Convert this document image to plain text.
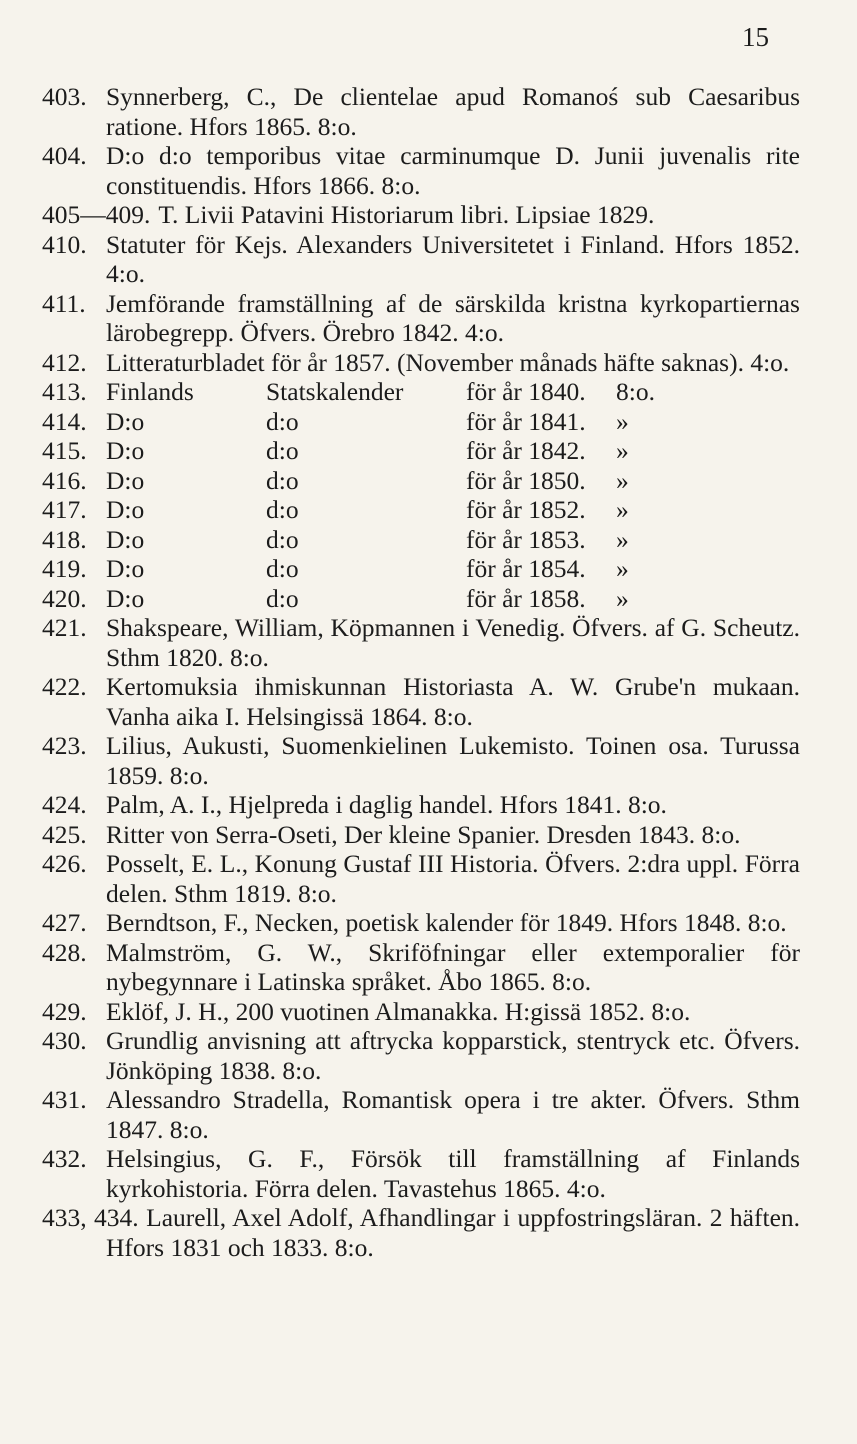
15
403. Synnerberg, C., De clientelae apud Romanoś sub Caesaribus ratione. Hfors 1865. 8:o.
404. D:o d:o temporibus vitae carminumque D. Junii juvenalis rite constituendis. Hfors 1866. 8:o.
405—409. T. Livii Patavini Historiarum libri. Lipsiae 1829.
410. Statuter för Kejs. Alexanders Universitetet i Finland. Hfors 1852. 4:o.
411. Jemförande framställning af de särskilda kristna kyrkopartiernas lärobegrepp. Öfvers. Örebro 1842. 4:o.
412. Litteraturbladet för år 1857. (November månads häfte saknas). 4:o.
413. Finlands	Statskalender	för år 1840.	8:o.
414. D:o	d:o	för år 1841.	»
415. D:o	d:o	för år 1842.	»
416. D:o	d:o	för år 1850.	»
417. D:o	d:o	för år 1852.	»
418. D:o	d:o	för år 1853.	»
419. D:o	d:o	för år 1854.	»
420. D:o	d:o	för år 1858.	»
421. Shakspeare, William, Köpmannen i Venedig. Öfvers. af G. Scheutz. Sthm 1820. 8:o.
422. Kertomuksia ihmiskunnan Historiasta A. W. Grube'n mukaan. Vanha aika I. Helsingissä 1864. 8:o.
423. Lilius, Aukusti, Suomenkielinen Lukemisto. Toinen osa. Turussa 1859. 8:o.
424. Palm, A. I., Hjelpreda i daglig handel. Hfors 1841. 8:o.
425. Ritter von Serra-Oseti, Der kleine Spanier. Dresden 1843. 8:o.
426. Posselt, E. L., Konung Gustaf III Historia. Öfvers. 2:dra uppl. Förra delen. Sthm 1819. 8:o.
427. Berndtson, F., Necken, poetisk kalender för 1849. Hfors 1848. 8:o.
428. Malmström, G. W., Skriföfningar eller extemporalier för nybegynnare i Latinska språket. Åbo 1865. 8:o.
429. Eklöf, J. H., 200 vuotinen Almanakka. H:gissä 1852. 8:o.
430. Grundlig anvisning att aftrycka kopparstick, stentryck etc. Öfvers. Jönköping 1838. 8:o.
431. Alessandro Stradella, Romantisk opera i tre akter. Öfvers. Sthm 1847. 8:o.
432. Helsingius, G. F., Försök till framställning af Finlands kyrkohistoria. Förra delen. Tavastehus 1865. 4:o.
433, 434. Laurell, Axel Adolf, Afhandlingar i uppfostringsläran. 2 häften. Hfors 1831 och 1833. 8:o.
